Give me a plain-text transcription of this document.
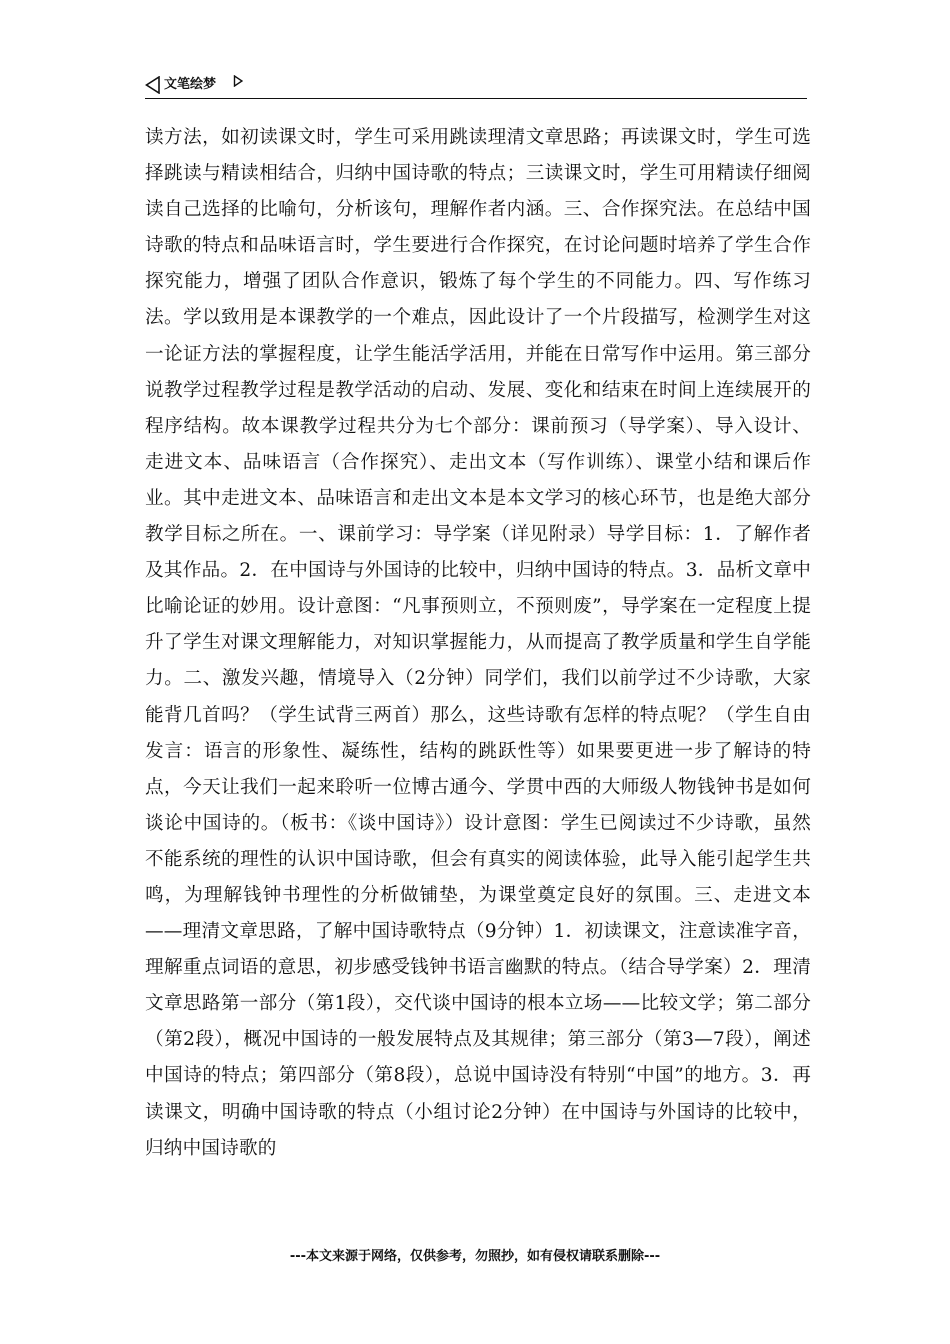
文笔绘梦

读方法，如初读课文时，学生可采用跳读理清文章思路；再读课文时，学生可选择跳读与精读相结合，归纳中国诗歌的特点；三读课文时，学生可用精读仔细阅读自己选择的比喻句，分析该句，理解作者内涵。三、合作探究法。在总结中国诗歌的特点和品味语言时，学生要进行合作探究，在讨论问题时培养了学生合作探究能力，增强了团队合作意识，锻炼了每个学生的不同能力。四、写作练习法。学以致用是本课教学的一个难点，因此设计了一个片段描写，检测学生对这一论证方法的掌握程度，让学生能活学活用，并能在日常写作中运用。第三部分说教学过程教学过程是教学活动的启动、发展、变化和结束在时间上连续展开的程序结构。故本课教学过程共分为七个部分：课前预习（导学案）、导入设计、走进文本、品味语言（合作探究）、走出文本（写作训练）、课堂小结和课后作业。其中走进文本、品味语言和走出文本是本文学习的核心环节，也是绝大部分教学目标之所在。一、课前学习：导学案（详见附录）导学目标：1．了解作者及其作品。2．在中国诗与外国诗的比较中，归纳中国诗的特点。3．品析文章中比喻论证的妙用。设计意图：“凡事预则立，不预则废”，导学案在一定程度上提升了学生对课文理解能力，对知识掌握能力，从而提高了教学质量和学生自学能力。二、激发兴趣，情境导入（2分钟）同学们，我们以前学过不少诗歌，大家能背几首吗？（学生试背三两首）那么，这些诗歌有怎样的特点呢？（学生自由发言：语言的形象性、凝练性，结构的跳跃性等）如果要更进一步了解诗的特点，今天让我们一起来聆听一位博古通今、学贯中西的大师级人物钱钟书是如何谈论中国诗的。（板书：《谈中国诗》）设计意图：学生已阅读过不少诗歌，虽然不能系统的理性的认识中国诗歌，但会有真实的阅读体验，此导入能引起学生共鸣，为理解钱钟书理性的分析做铺垫，为课堂奠定良好的氛围。三、走进文本——理清文章思路，了解中国诗歌特点（9分钟）1．初读课文，注意读准字音，理解重点词语的意思，初步感受钱钟书语言幽默的特点。（结合导学案）2．理清文章思路第一部分（第1段），交代谈中国诗的根本立场——比较文学；第二部分（第2段），概况中国诗的一般发展特点及其规律；第三部分（第3—7段），阐述中国诗的特点；第四部分（第8段），总说中国诗没有特别“中国”的地方。3．再读课文，明确中国诗歌的特点（小组讨论2分钟）在中国诗与外国诗的比较中，归纳中国诗歌的

---本文来源于网络，仅供参考，勿照抄，如有侵权请联系删除---
